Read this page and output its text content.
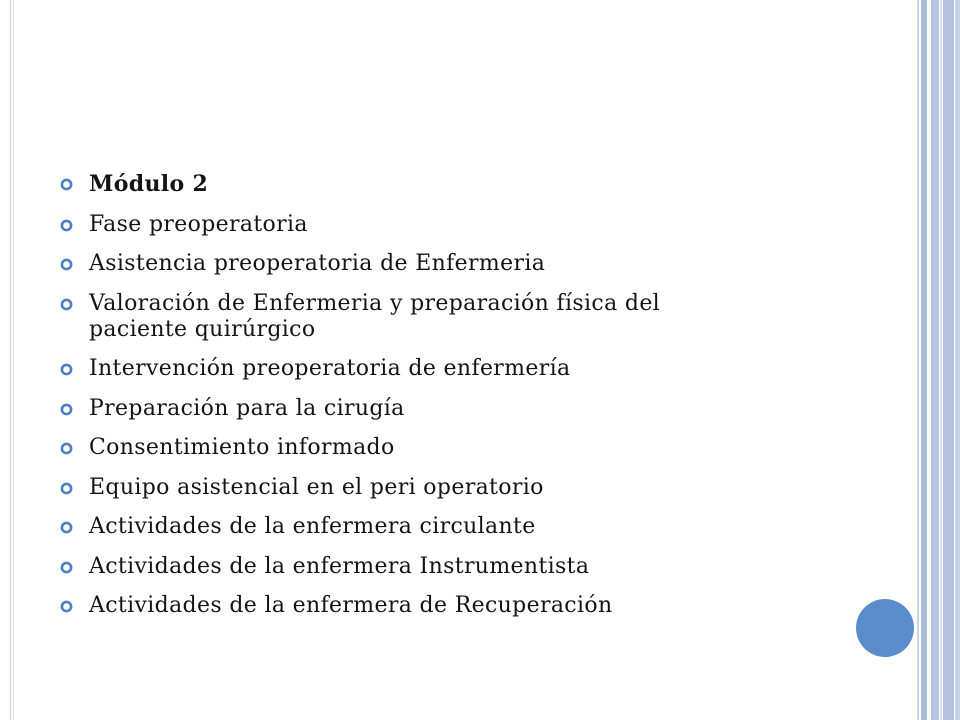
Módulo 2
Fase preoperatoria
Asistencia preoperatoria de Enfermeria
Valoración de Enfermeria y preparación física del paciente quirúrgico
Intervención preoperatoria de enfermería
Preparación para la cirugía
Consentimiento informado
Equipo asistencial en el peri operatorio
Actividades de la enfermera circulante
Actividades de la enfermera Instrumentista
Actividades de la enfermera de Recuperación
